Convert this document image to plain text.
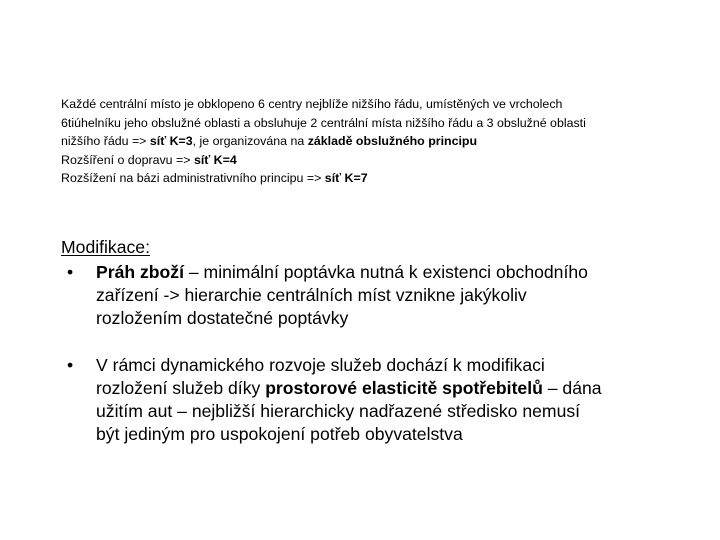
Každé centrální místo je obklopeno 6 centry nejblíže nižšího řádu, umístěných ve vrcholech
6tiúhelníku jeho obslužné oblasti a obsluhuje 2 centrální místa nižšího řádu a 3 obslužné oblasti
nižšího řádu => síť K=3, je organizována na základě obslužného principu
Rozšíření o dopravu => síť K=4
Rozšížení na bázi administrativního principu => síť K=7
Modifikace:
• Práh zboží – minimální poptávka nutná k existenci obchodního
zařízení -> hierarchie centrálních míst vznikne jakýkoliv
rozložením dostatečné poptávky
• V rámci dynamického rozvoje služeb dochází k modifikaci
rozložení služeb díky prostorové elasticitě spotřebitelů – dána
užitím aut – nejbližší hierarchicky nadřazené středisko nemusí
být jediným pro uspokojení potřeb obyvatelstva
